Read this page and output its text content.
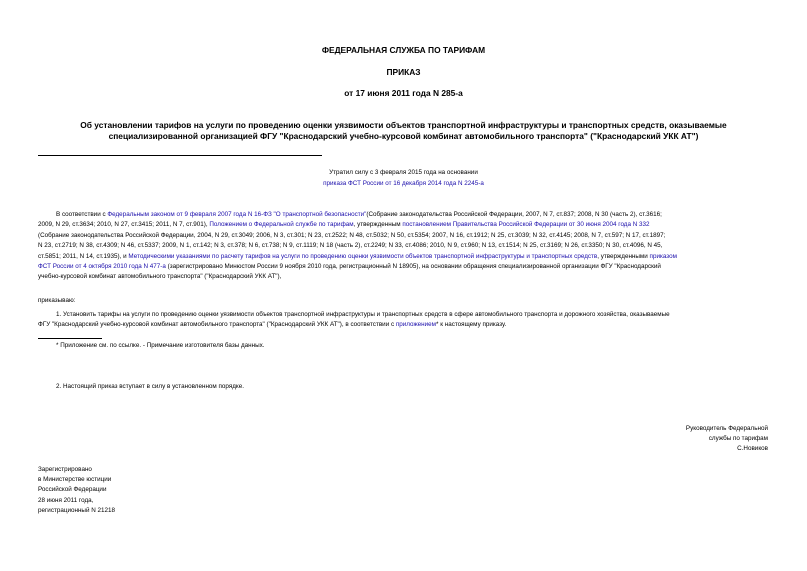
ФЕДЕРАЛЬНАЯ СЛУЖБА ПО ТАРИФАМ
ПРИКАЗ
от 17 июня 2011 года N 285-а
Об установлении тарифов на услуги по проведению оценки уязвимости объектов транспортной инфраструктуры и транспортных средств, оказываемые
специализированной организацией ФГУ "Краснодарский учебно-курсовой комбинат автомобильного транспорта" ("Краснодарский УКК АТ")
Утратил силу с 3 февраля 2015 года на основании
приказа ФСТ России от 16 декабря 2014 года N 2245-а
В соответствии с Федеральным законом от 9 февраля 2007 года N 16-ФЗ "О транспортной безопасности"(Собрание законодательства Российской Федерации, 2007, N 7, ст.837; 2008, N 30 (часть 2), ст.3616;
2009, N 29, ст.3634; 2010, N 27, ст.3415; 2011, N 7, ст.901), Положением о Федеральной службе по тарифам, утвержденным постановлением Правительства Российской Федерации от 30 июня 2004 года N 332
(Собрание законодательства Российской Федерации, 2004, N 29, ст.3049; 2006, N 3, ст.301; N 23, ст.2522; N 48, ст.5032; N 50, ст.5354; 2007, N 16, ст.1912; N 25, ст.3039; N 32, ст.4145; 2008, N 7, ст.597; N 17, ст.1897;
N 23, ст.2719; N 38, ст.4309; N 46, ст.5337; 2009, N 1, ст.142; N 3, ст.378; N 6, ст.738; N 9, ст.1119; N 18 (часть 2), ст.2249; N 33, ст.4086; 2010, N 9, ст.960; N 13, ст.1514; N 25, ст.3169; N 26, ст.3350; N 30, ст.4096, N 45,
ст.5851; 2011, N 14, ст.1935), и Методическими указаниями по расчету тарифов на услуги по проведению оценки уязвимости объектов транспортной инфраструктуры и транспортных средств, утвержденными приказом
ФСТ России от 4 октября 2010 года N 477-а (зарегистрировано Минюстом России 9 ноября 2010 года, регистрационный N 18905), на основании обращения специализированной организации ФГУ "Краснодарский
учебно-курсовой комбинат автомобильного транспорта" ("Краснодарский УКК АТ"),
приказываю:
1. Установить тарифы на услуги по проведению оценки уязвимости объектов транспортной инфраструктуры и транспортных средств в сфере автомобильного транспорта и дорожного хозяйства, оказываемые
ФГУ "Краснодарский учебно-курсовой комбинат автомобильного транспорта" ("Краснодарский УКК АТ"), в соответствии с приложением* к настоящему приказу.
* Приложение см. по ссылке. - Примечание изготовителя базы данных.
2. Настоящий приказ вступает в силу в установленном порядке.
Руководитель Федеральной
службы по тарифам
С.Новиков
Зарегистрировано
в Министерстве юстиции
Российской Федерации
28 июня 2011 года,
регистрационный N 21218
